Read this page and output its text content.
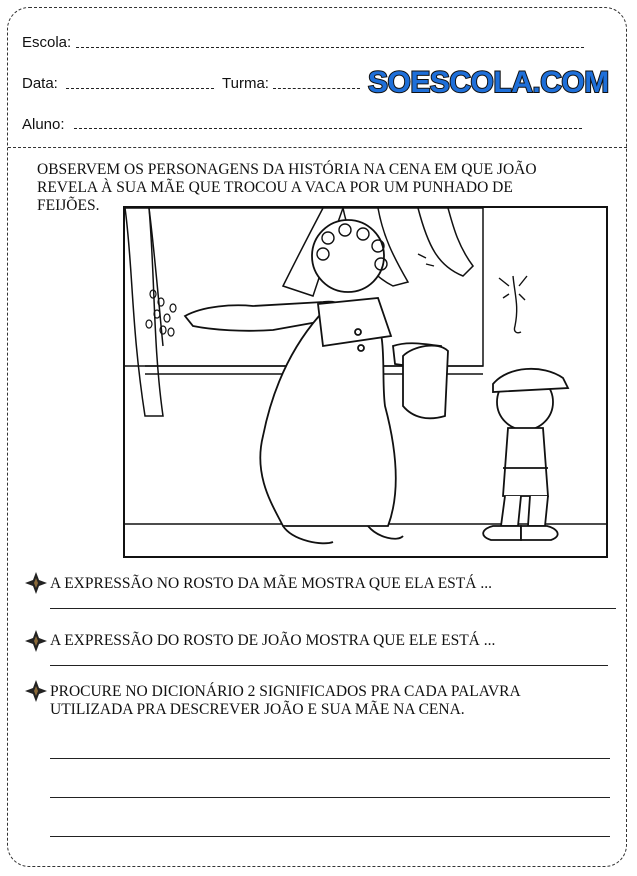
Escola:
Data:	Turma:	SOESCOLA.COM
Aluno:
OBSERVEM OS PERSONAGENS DA HISTÓRIA NA CENA EM QUE JOÃO
REVELA À SUA MÃE QUE TROCOU A VACA POR UM PUNHADO DE
FEIJÕES.
A EXPRESSÃO NO ROSTO DA MÃE MOSTRA QUE ELA ESTÁ ...
A EXPRESSÃO DO ROSTO DE JOÃO MOSTRA QUE ELE ESTÁ ...
PROCURE NO DICIONÁRIO 2 SIGNIFICADOS PRA CADA PALAVRA
UTILIZADA PRA DESCREVER JOÃO E SUA MÃE NA CENA.
